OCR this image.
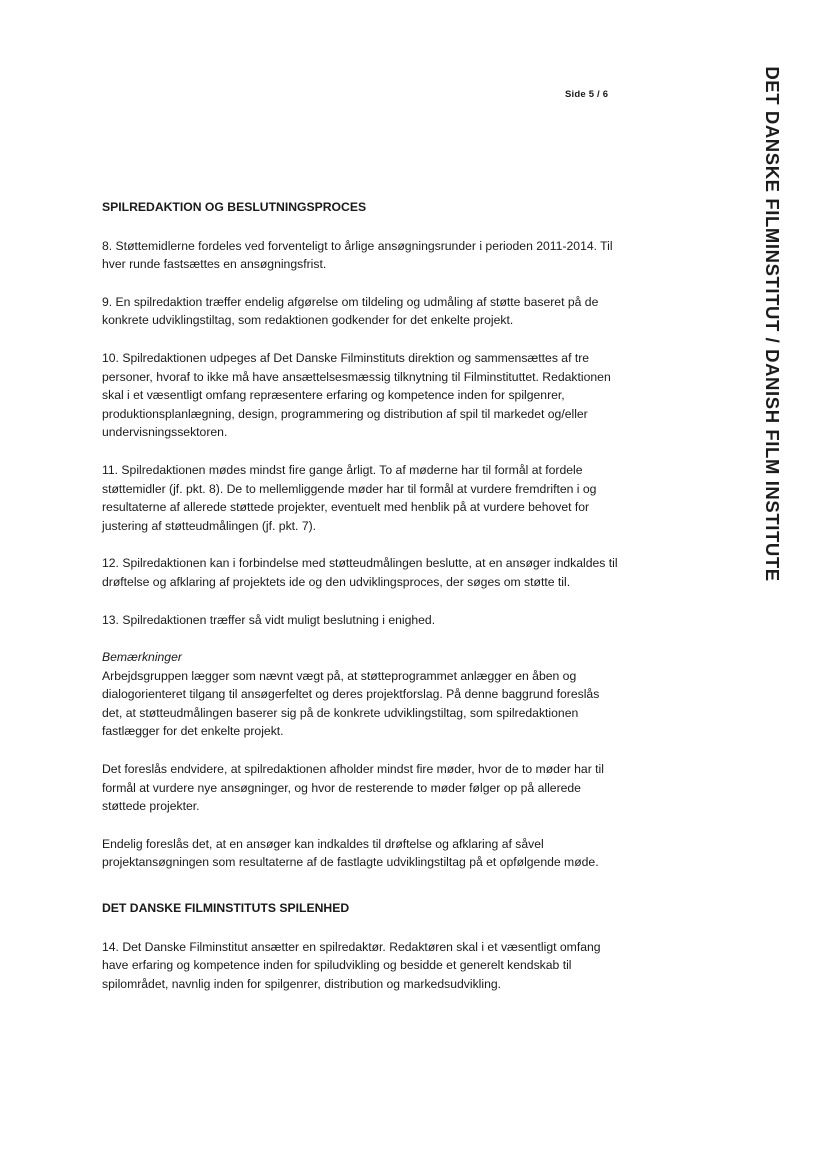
Side 5 / 6	DET DANSKE FILMINSTITUT / DANISH FILM INSTITUTE
SPILREDAKTION OG BESLUTNINGSPROCES
8. Støttemidlerne fordeles ved forventeligt to årlige ansøgningsrunder i perioden 2011-2014. Til hver runde fastsættes en ansøgningsfrist.
9. En spilredaktion træffer endelig afgørelse om tildeling og udmåling af støtte baseret på de konkrete udviklingstiltag, som redaktionen godkender for det enkelte projekt.
10. Spilredaktionen udpeges af Det Danske Filminstituts direktion og sammensættes af tre personer, hvoraf to ikke må have ansættelsesmæssig tilknytning til Filminstituttet. Redaktionen skal i et væsentligt omfang repræsentere erfaring og kompetence inden for spilgenrer, produktionsplanlægning, design, programmering og distribution af spil til markedet og/eller undervisningssektoren.
11. Spilredaktionen mødes mindst fire gange årligt. To af møderne har til formål at fordele støttemidler (jf. pkt. 8). De to mellemliggende møder har til formål at vurdere fremdriften i og resultaterne af allerede støttede projekter, eventuelt med henblik på at vurdere behovet for justering af støtteudmålingen (jf. pkt. 7).
12. Spilredaktionen kan i forbindelse med støtteudmålingen beslutte, at en ansøger indkaldes til drøftelse og afklaring af projektets ide og den udviklingsproces, der søges om støtte til.
13. Spilredaktionen træffer så vidt muligt beslutning i enighed.
Bemærkninger
Arbejdsgruppen lægger som nævnt vægt på, at støtteprogrammet anlægger en åben og dialogorienteret tilgang til ansøgerfeltet og deres projektforslag. På denne baggrund foreslås det, at støtteudmålingen baserer sig på de konkrete udviklingstiltag, som spilredaktionen fastlægger for det enkelte projekt.
Det foreslås endvidere, at spilredaktionen afholder mindst fire møder, hvor de to møder har til formål at vurdere nye ansøgninger, og hvor de resterende to møder følger op på allerede støttede projekter.
Endelig foreslås det, at en ansøger kan indkaldes til drøftelse og afklaring af såvel projektansøgningen som resultaterne af de fastlagte udviklingstiltag på et opfølgende møde.
DET DANSKE FILMINSTITUTS SPILENHED
14. Det Danske Filminstitut ansætter en spilredaktør. Redaktøren skal i et væsentligt omfang have erfaring og kompetence inden for spiludvikling og besidde et generelt kendskab til spilområdet, navnlig inden for spilgenrer, distribution og markedsudvikling.
